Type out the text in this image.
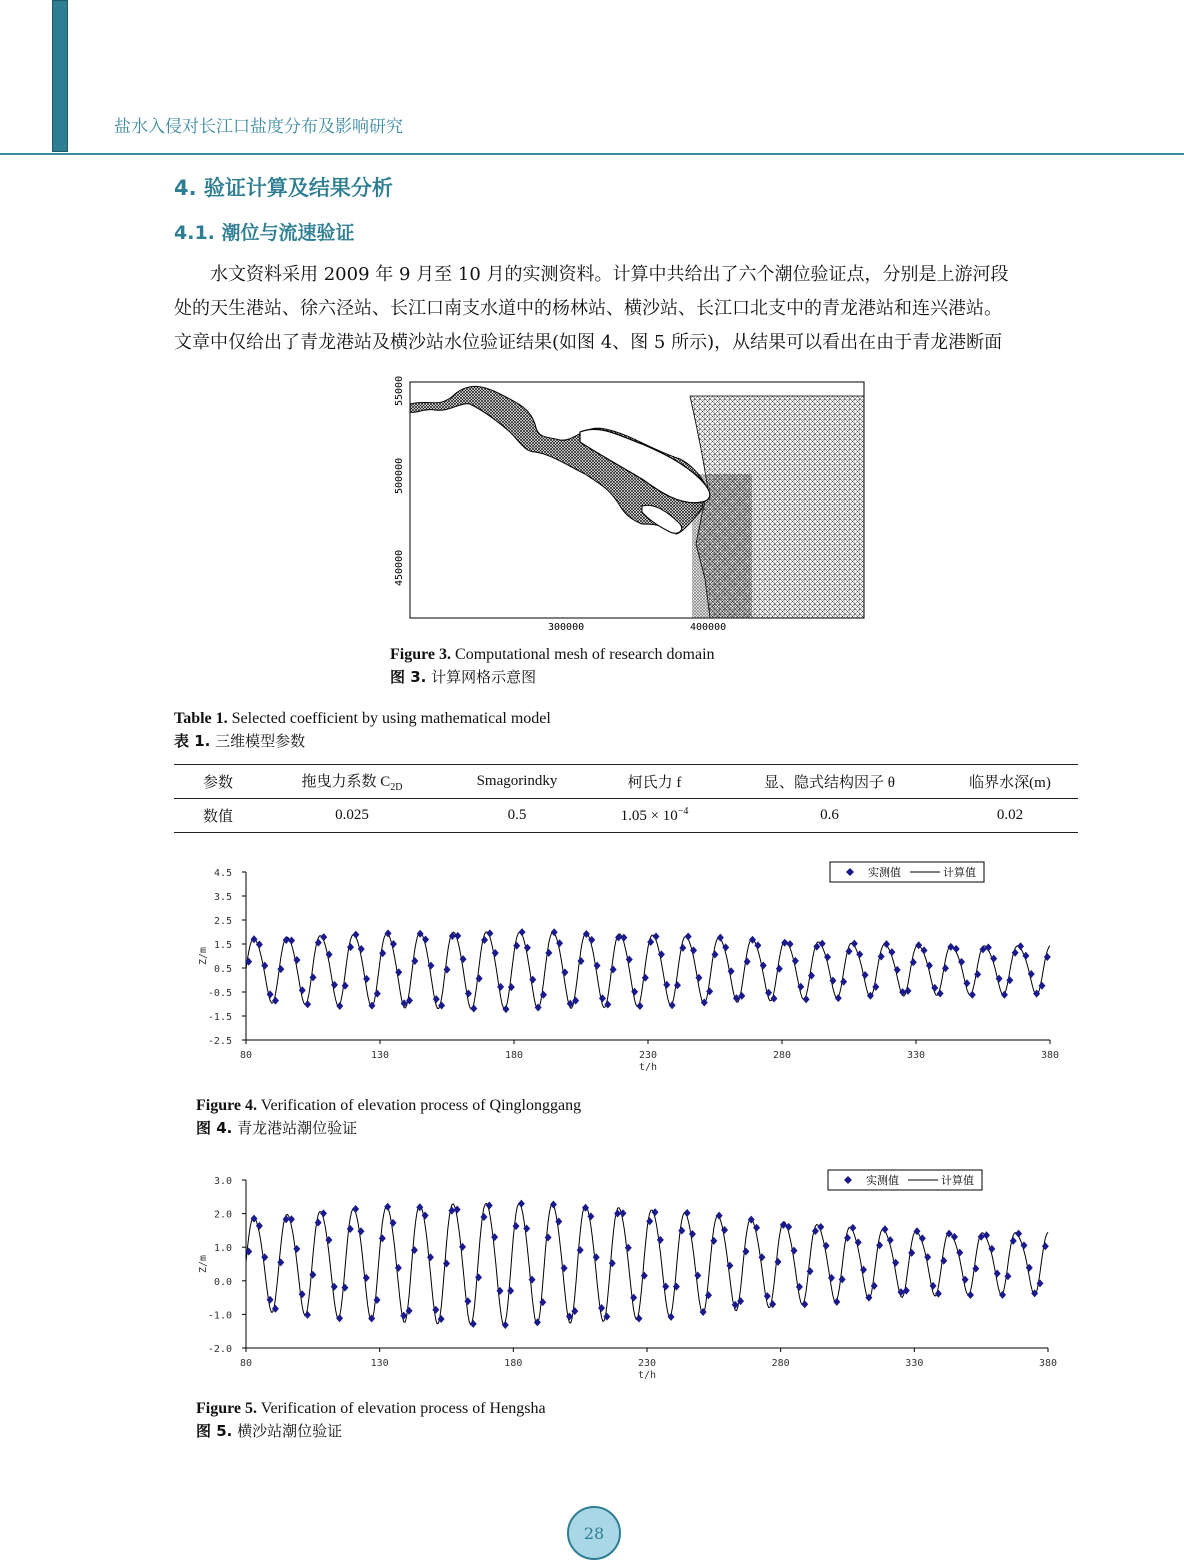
盐水入侵对长江口盐度分布及影响研究
4. 验证计算及结果分析
4.1. 潮位与流速验证

水文资料采用 2009 年 9 月至 10 月的实测资料。计算中共给出了六个潮位验证点，分别是上游河段

处的天生港站、徐六泾站、长江口南支水道中的杨林站、横沙站、长江口北支中的青龙港站和连兴港站。

文章中仅给出了青龙港站及横沙站水位验证结果(如图 4、图 5 所示)，从结果可以看出在由于青龙港断面

300000	400000
450000
500000
55000
Figure 3. Computational mesh of research domain
图 3. 计算网格示意图
Table 1. Selected coefficient by using mathematical model
表 1. 三维模型参数
参数	拖曳力系数 $C_{2D}$	Smagorindky	柯氏力 f	显、隐式结构因子 θ	临界水深(m)
数值	0.025	0.5	$1.05 \times 10^{-4}$	0.6	0.02
4.5
3.5
2.5
1.5
0.5
-0.5
-1.5
-2.5
80	130	180	230	280	330	380
t/h
Z/m
实测值	计算值
Figure 4. Verification of elevation process of Qinglonggang
图 4. 青龙港站潮位验证
3.0
2.0
1.0
0.0
-1.0
-2.0
80	130	180	230	280	330	380
t/h
Z/m
实测值	计算值
Figure 5. Verification of elevation process of Hengsha
图 5. 横沙站潮位验证
28
